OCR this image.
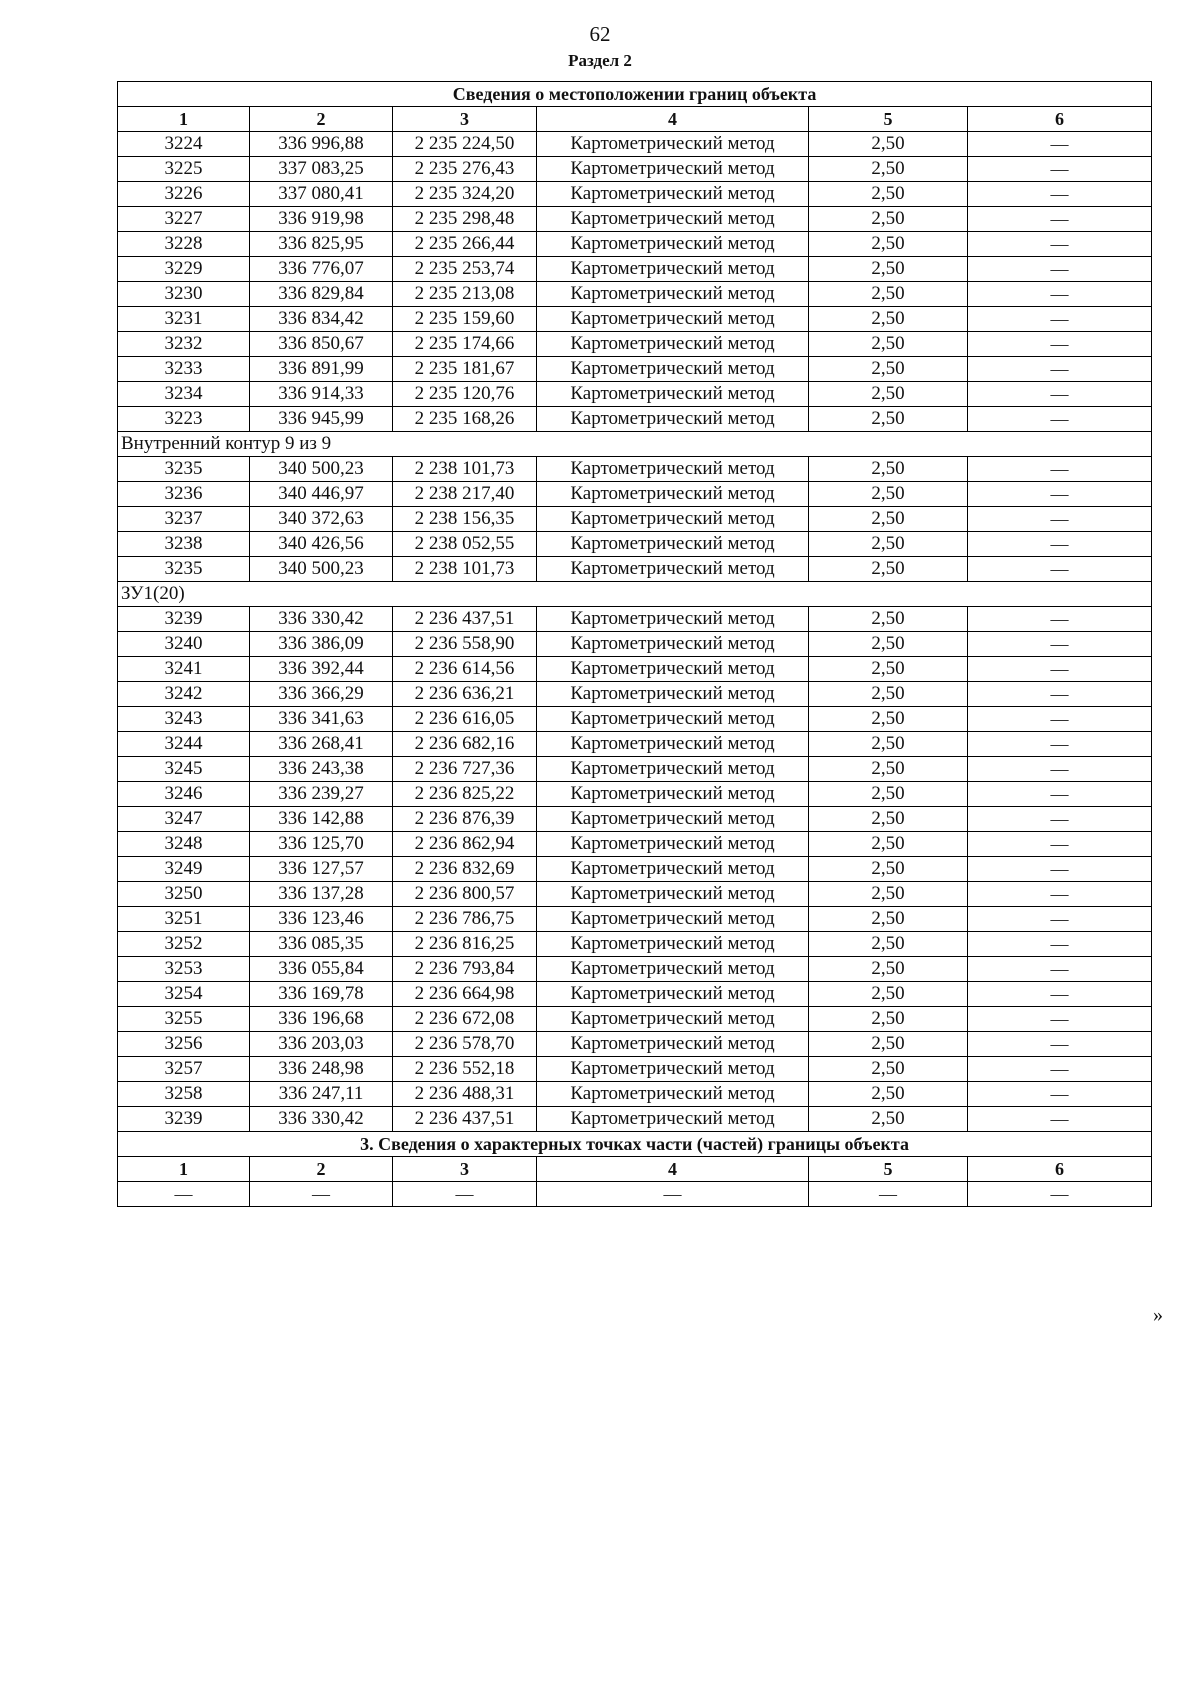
62
Раздел 2
Сведения о местоположении границ объекта					
1	2	3	4	5	6
3224	336 996,88	2 235 224,50	Картометрический метод	2,50	—
3225	337 083,25	2 235 276,43	Картометрический метод	2,50	—
3226	337 080,41	2 235 324,20	Картометрический метод	2,50	—
3227	336 919,98	2 235 298,48	Картометрический метод	2,50	—
3228	336 825,95	2 235 266,44	Картометрический метод	2,50	—
3229	336 776,07	2 235 253,74	Картометрический метод	2,50	—
3230	336 829,84	2 235 213,08	Картометрический метод	2,50	—
3231	336 834,42	2 235 159,60	Картометрический метод	2,50	—
3232	336 850,67	2 235 174,66	Картометрический метод	2,50	—
3233	336 891,99	2 235 181,67	Картометрический метод	2,50	—
3234	336 914,33	2 235 120,76	Картометрический метод	2,50	—
3223	336 945,99	2 235 168,26	Картометрический метод	2,50	—
Внутренний контур 9 из 9					
3235	340 500,23	2 238 101,73	Картометрический метод	2,50	—
3236	340 446,97	2 238 217,40	Картометрический метод	2,50	—
3237	340 372,63	2 238 156,35	Картометрический метод	2,50	—
3238	340 426,56	2 238 052,55	Картометрический метод	2,50	—
3235	340 500,23	2 238 101,73	Картометрический метод	2,50	—
ЗУ1(20)					
3239	336 330,42	2 236 437,51	Картометрический метод	2,50	—
3240	336 386,09	2 236 558,90	Картометрический метод	2,50	—
3241	336 392,44	2 236 614,56	Картометрический метод	2,50	—
3242	336 366,29	2 236 636,21	Картометрический метод	2,50	—
3243	336 341,63	2 236 616,05	Картометрический метод	2,50	—
3244	336 268,41	2 236 682,16	Картометрический метод	2,50	—
3245	336 243,38	2 236 727,36	Картометрический метод	2,50	—
3246	336 239,27	2 236 825,22	Картометрический метод	2,50	—
3247	336 142,88	2 236 876,39	Картометрический метод	2,50	—
3248	336 125,70	2 236 862,94	Картометрический метод	2,50	—
3249	336 127,57	2 236 832,69	Картометрический метод	2,50	—
3250	336 137,28	2 236 800,57	Картометрический метод	2,50	—
3251	336 123,46	2 236 786,75	Картометрический метод	2,50	—
3252	336 085,35	2 236 816,25	Картометрический метод	2,50	—
3253	336 055,84	2 236 793,84	Картометрический метод	2,50	—
3254	336 169,78	2 236 664,98	Картометрический метод	2,50	—
3255	336 196,68	2 236 672,08	Картометрический метод	2,50	—
3256	336 203,03	2 236 578,70	Картометрический метод	2,50	—
3257	336 248,98	2 236 552,18	Картометрический метод	2,50	—
3258	336 247,11	2 236 488,31	Картометрический метод	2,50	—
3239	336 330,42	2 236 437,51	Картометрический метод	2,50	—
3. Сведения о характерных точках части (частей) границы объекта					
1	2	3	4	5	6
—	—	—	—	—	—
»
